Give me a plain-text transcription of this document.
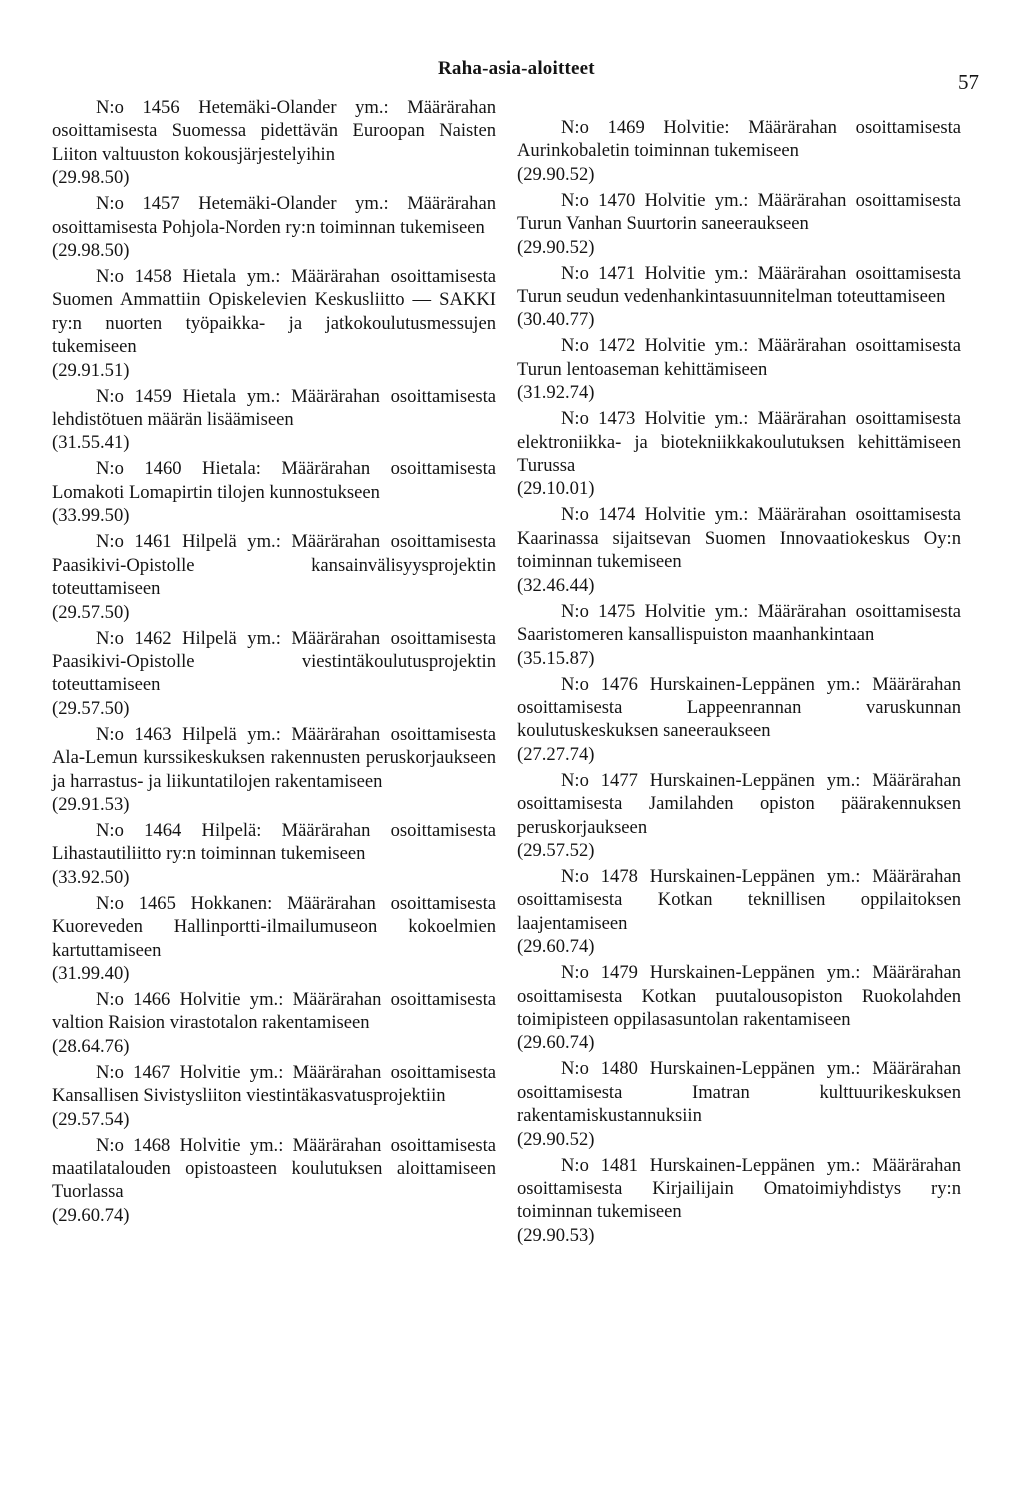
Raha-asia-aloitteet
57
N:o 1456 Hetemäki-Olander ym.: Määrärahan osoittamisesta Suomessa pidettävän Euroopan Naisten Liiton valtuuston kokousjärjestelyihin
(29.98.50)
N:o 1457 Hetemäki-Olander ym.: Määrärahan osoittamisesta Pohjola-Norden ry:n toiminnan tukemiseen
(29.98.50)
N:o 1458 Hietala ym.: Määrärahan osoittamisesta Suomen Ammattiin Opiskelevien Keskusliitto — SAKKI ry:n nuorten työpaikka- ja jatkokoulutusmessujen tukemiseen
(29.91.51)
N:o 1459 Hietala ym.: Määrärahan osoittamisesta lehdistötuen määrän lisäämiseen
(31.55.41)
N:o 1460 Hietala: Määrärahan osoittamisesta Lomakoti Lomapirtin tilojen kunnostukseen
(33.99.50)
N:o 1461 Hilpelä ym.: Määrärahan osoittamisesta Paasikivi-Opistolle kansainvälisyysprojektin toteuttamiseen
(29.57.50)
N:o 1462 Hilpelä ym.: Määrärahan osoittamisesta Paasikivi-Opistolle viestintäkoulutusprojektin toteuttamiseen
(29.57.50)
N:o 1463 Hilpelä ym.: Määrärahan osoittamisesta Ala-Lemun kurssikeskuksen rakennusten peruskorjaukseen ja harrastus- ja liikuntatilojen rakentamiseen
(29.91.53)
N:o 1464 Hilpelä: Määrärahan osoittamisesta Lihastautiliitto ry:n toiminnan tukemiseen
(33.92.50)
N:o 1465 Hokkanen: Määrärahan osoittamisesta Kuoreveden Hallinportti-ilmailumuseon kokoelmien kartuttamiseen
(31.99.40)
N:o 1466 Holvitie ym.: Määrärahan osoittamisesta valtion Raision virastotalon rakentamiseen
(28.64.76)
N:o 1467 Holvitie ym.: Määrärahan osoittamisesta Kansallisen Sivistysliiton viestintäkasvatusprojektiin
(29.57.54)
N:o 1468 Holvitie ym.: Määrärahan osoittamisesta maatilatalouden opistoasteen koulutuksen aloittamiseen Tuorlassa
(29.60.74)
N:o 1469 Holvitie: Määrärahan osoittamisesta Aurinkobaletin toiminnan tukemiseen
(29.90.52)
N:o 1470 Holvitie ym.: Määrärahan osoittamisesta Turun Vanhan Suurtorin saneeraukseen
(29.90.52)
N:o 1471 Holvitie ym.: Määrärahan osoittamisesta Turun seudun vedenhankintasuunnitelman toteuttamiseen
(30.40.77)
N:o 1472 Holvitie ym.: Määrärahan osoittamisesta Turun lentoaseman kehittämiseen
(31.92.74)
N:o 1473 Holvitie ym.: Määrärahan osoittamisesta elektroniikka- ja biotekniikkakoulutuksen kehittämiseen Turussa
(29.10.01)
N:o 1474 Holvitie ym.: Määrärahan osoittamisesta Kaarinassa sijaitsevan Suomen Innovaatiokeskus Oy:n toiminnan tukemiseen
(32.46.44)
N:o 1475 Holvitie ym.: Määrärahan osoittamisesta Saaristomeren kansallispuiston maanhankintaan
(35.15.87)
N:o 1476 Hurskainen-Leppänen ym.: Määrärahan osoittamisesta Lappeenrannan varuskunnan koulutuskeskuksen saneeraukseen
(27.27.74)
N:o 1477 Hurskainen-Leppänen ym.: Määrärahan osoittamisesta Jamilahden opiston päärakennuksen peruskorjaukseen
(29.57.52)
N:o 1478 Hurskainen-Leppänen ym.: Määrärahan osoittamisesta Kotkan teknillisen oppilaitoksen laajentamiseen
(29.60.74)
N:o 1479 Hurskainen-Leppänen ym.: Määrärahan osoittamisesta Kotkan puutalousopiston Ruokolahden toimipisteen oppilasasuntolan rakentamiseen
(29.60.74)
N:o 1480 Hurskainen-Leppänen ym.: Määrärahan osoittamisesta Imatran kulttuurikeskuksen rakentamiskustannuksiin
(29.90.52)
N:o 1481 Hurskainen-Leppänen ym.: Määrärahan osoittamisesta Kirjailijain Omatoimiyhdistys ry:n toiminnan tukemiseen
(29.90.53)
